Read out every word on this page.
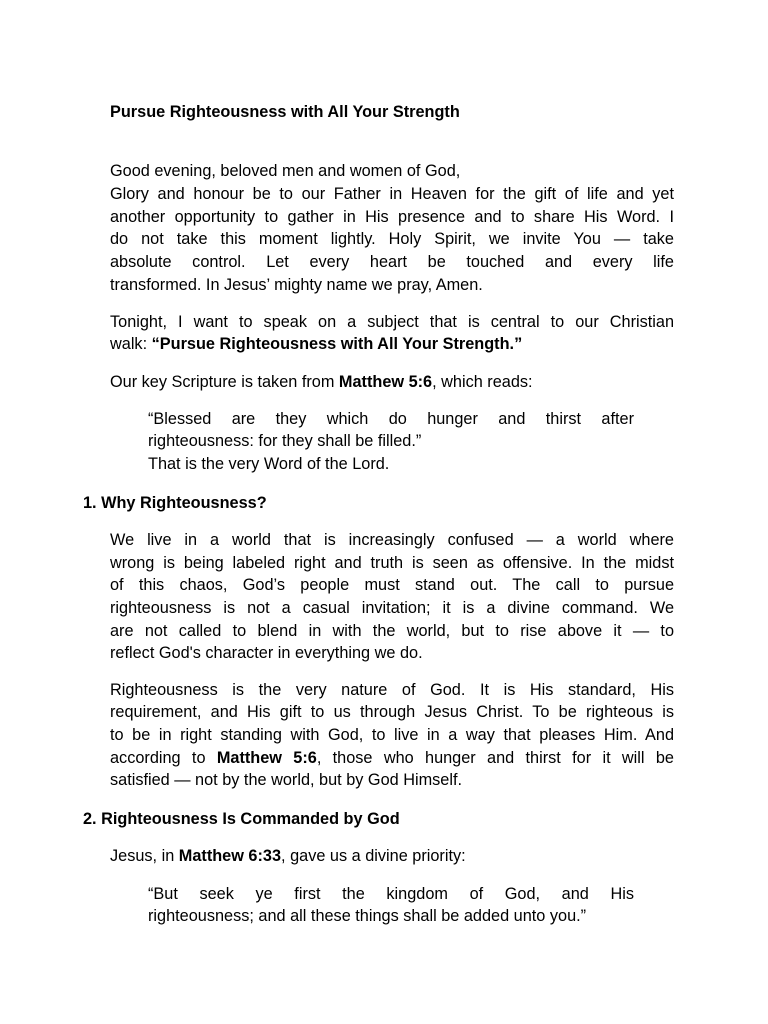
Pursue Righteousness with All Your Strength
Good evening, beloved men and women of God,
Glory and honour be to our Father in Heaven for the gift of life and yet
another opportunity to gather in His presence and to share His Word. I
do not take this moment lightly. Holy Spirit, we invite You — take
absolute control. Let every heart be touched and every life
transformed. In Jesus’ mighty name we pray, Amen.
Tonight, I want to speak on a subject that is central to our Christian
walk: “Pursue Righteousness with All Your Strength.”
Our key Scripture is taken from Matthew 5:6, which reads:
“Blessed are they which do hunger and thirst after
righteousness: for they shall be filled.”
That is the very Word of the Lord.
1. Why Righteousness?
We live in a world that is increasingly confused — a world where
wrong is being labeled right and truth is seen as offensive. In the midst
of this chaos, God’s people must stand out. The call to pursue
righteousness is not a casual invitation; it is a divine command. We
are not called to blend in with the world, but to rise above it — to
reflect God's character in everything we do.
Righteousness is the very nature of God. It is His standard, His
requirement, and His gift to us through Jesus Christ. To be righteous is
to be in right standing with God, to live in a way that pleases Him. And
according to Matthew 5:6, those who hunger and thirst for it will be
satisfied — not by the world, but by God Himself.
2. Righteousness Is Commanded by God
Jesus, in Matthew 6:33, gave us a divine priority:
“But seek ye first the kingdom of God, and His
righteousness; and all these things shall be added unto you.”
